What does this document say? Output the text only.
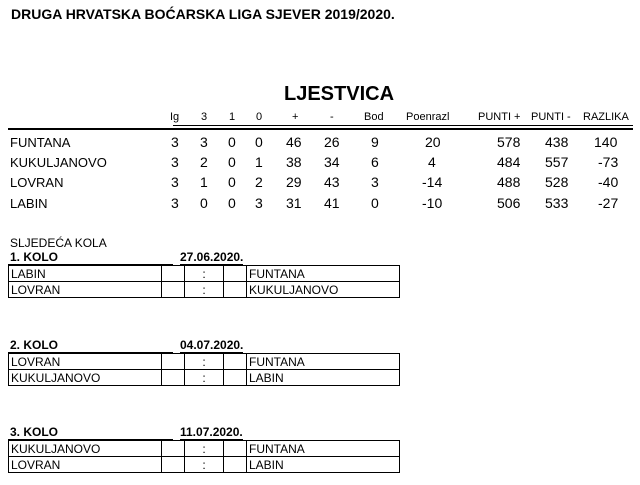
DRUGA HRVATSKA BOĆARSKA LIGA SJEVER 2019/2020.
LJESTVICA
Ig 3 1 0	+	-	Bod Poenrazl	PUNTI + PUNTI - RAZLIKA
FUNTANA	3 3 0 0 46 26 9	20	578 438 140
KUKULJANOVO	3 2 0 1 38 34 6	4	484 557 -73
LOVRAN	3 1 0 2 29 43 3	-14	488 528 -40
LABIN	3 0 0 3 31 41 0	-10	506 533 -27
SLJEDEĆA KOLA
1. KOLO	27.06.2020.
LABIN		:		FUNTANA
LOVRAN		:		KUKULJANOVO
2. KOLO	04.07.2020.
LOVRAN		:		FUNTANA
KUKULJANOVO		:		LABIN
3. KOLO	11.07.2020.
KUKULJANOVO		:		FUNTANA
LOVRAN		:		LABIN
